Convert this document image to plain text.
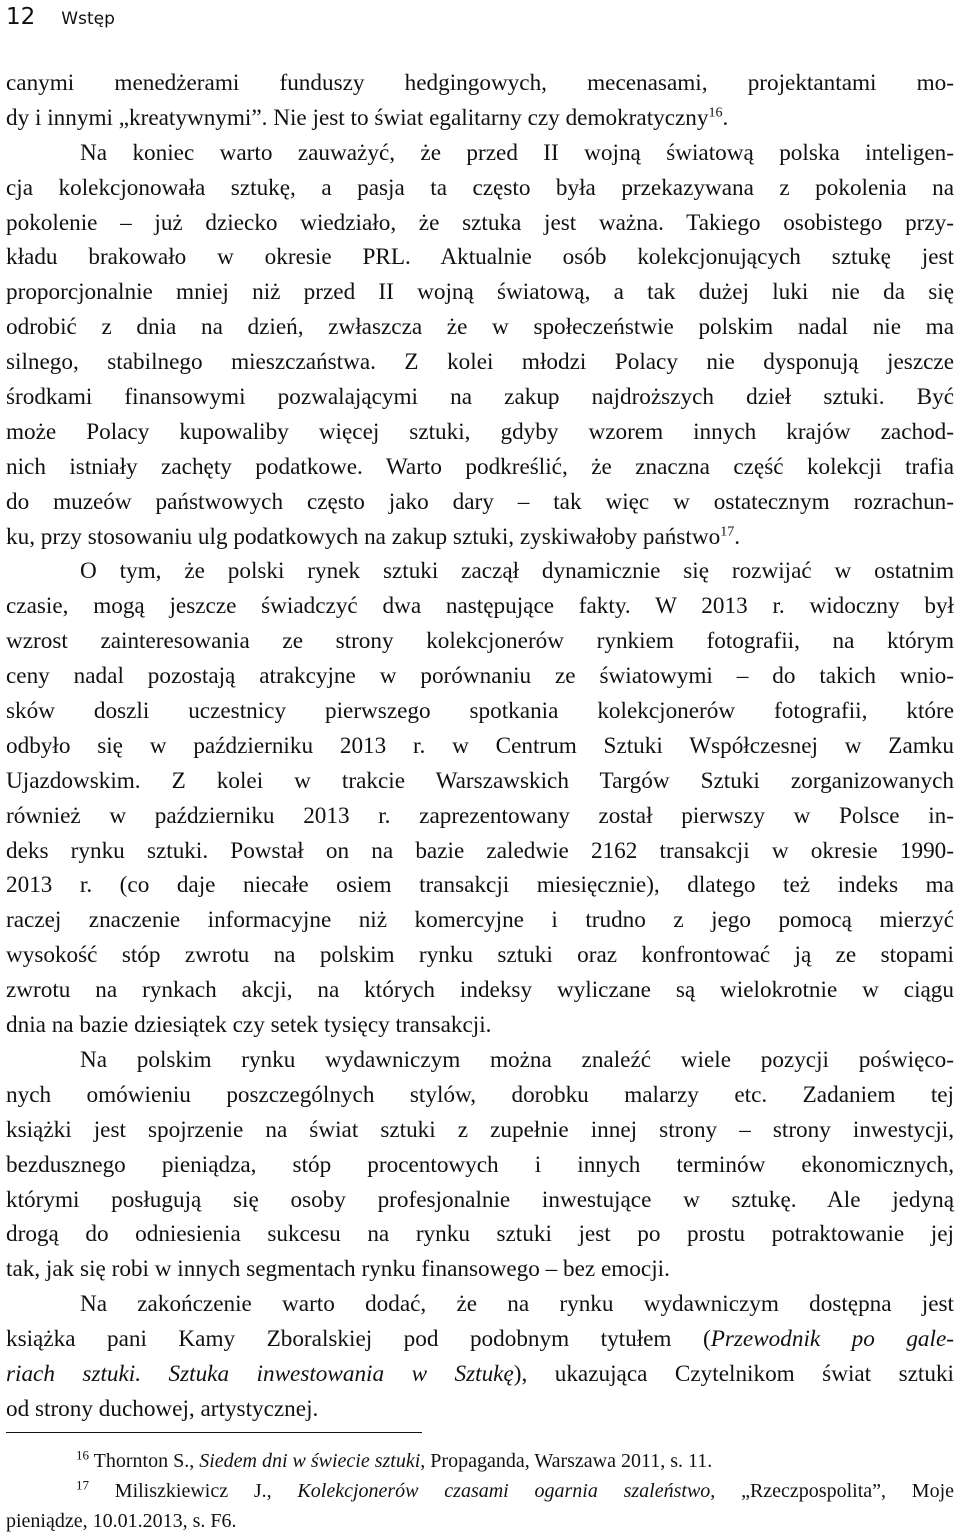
12 Wstęp
canymi menedżerami funduszy hedgingowych, mecenasami, projektantami mo-
dy i innymi „kreatywnymi”. Nie jest to świat egalitarny czy demokratyczny$^{16}$.
Na koniec warto zauważyć, że przed II wojną światową polska inteligen-
cja kolekcjonowała sztukę, a pasja ta często była przekazywana z pokolenia na
pokolenie – już dziecko wiedziało, że sztuka jest ważna. Takiego osobistego przy-
kładu brakowało w okresie PRL. Aktualnie osób kolekcjonujących sztukę jest
proporcjonalnie mniej niż przed II wojną światową, a tak dużej luki nie da się
odrobić z dnia na dzień, zwłaszcza że w społeczeństwie polskim nadal nie ma
silnego, stabilnego mieszczaństwa. Z kolei młodzi Polacy nie dysponują jeszcze
środkami finansowymi pozwalającymi na zakup najdroższych dzieł sztuki. Być
może Polacy kupowaliby więcej sztuki, gdyby wzorem innych krajów zachod-
nich istniały zachęty podatkowe. Warto podkreślić, że znaczna część kolekcji trafia
do muzeów państwowych często jako dary – tak więc w ostatecznym rozrachun-
ku, przy stosowaniu ulg podatkowych na zakup sztuki, zyskiwałoby państwo$^{17}$.
O tym, że polski rynek sztuki zaczął dynamicznie się rozwijać w ostatnim
czasie, mogą jeszcze świadczyć dwa następujące fakty. W 2013 r. widoczny był
wzrost zainteresowania ze strony kolekcjonerów rynkiem fotografii, na którym
ceny nadal pozostają atrakcyjne w porównaniu ze światowymi – do takich wnio-
sków doszli uczestnicy pierwszego spotkania kolekcjonerów fotografii, które
odbyło się w październiku 2013 r. w Centrum Sztuki Współczesnej w Zamku
Ujazdowskim. Z kolei w trakcie Warszawskich Targów Sztuki zorganizowanych
również w październiku 2013 r. zaprezentowany został pierwszy w Polsce in-
deks rynku sztuki. Powstał on na bazie zaledwie 2162 transakcji w okresie 1990-
2013 r. (co daje niecałe osiem transakcji miesięcznie), dlatego też indeks ma
raczej znaczenie informacyjne niż komercyjne i trudno z jego pomocą mierzyć
wysokość stóp zwrotu na polskim rynku sztuki oraz konfrontować ją ze stopami
zwrotu na rynkach akcji, na których indeksy wyliczane są wielokrotnie w ciągu
dnia na bazie dziesiątek czy setek tysięcy transakcji.
Na polskim rynku wydawniczym można znaleźć wiele pozycji poświęco-
nych omówieniu poszczególnych stylów, dorobku malarzy etc. Zadaniem tej
książki jest spojrzenie na świat sztuki z zupełnie innej strony – strony inwestycji,
bezdusznego pieniądza, stóp procentowych i innych terminów ekonomicznych,
którymi posługują się osoby profesjonalnie inwestujące w sztukę. Ale jedyną
drogą do odniesienia sukcesu na rynku sztuki jest po prostu potraktowanie jej
tak, jak się robi w innych segmentach rynku finansowego – bez emocji.
Na zakończenie warto dodać, że na rynku wydawniczym dostępna jest
książka pani Kamy Zboralskiej pod podobnym tytułem (Przewodnik po gale-
riach sztuki. Sztuka inwestowania w Sztukę), ukazująca Czytelnikom świat sztuki
od strony duchowej, artystycznej.
$^{16}$ Thornton S., Siedem dni w świecie sztuki, Propaganda, Warszawa 2011, s. 11.
$^{17}$ Miliszkiewicz J., Kolekcjonerów czasami ogarnia szaleństwo, „Rzeczpospolita”, Moje
pieniądze, 10.01.2013, s. F6.
